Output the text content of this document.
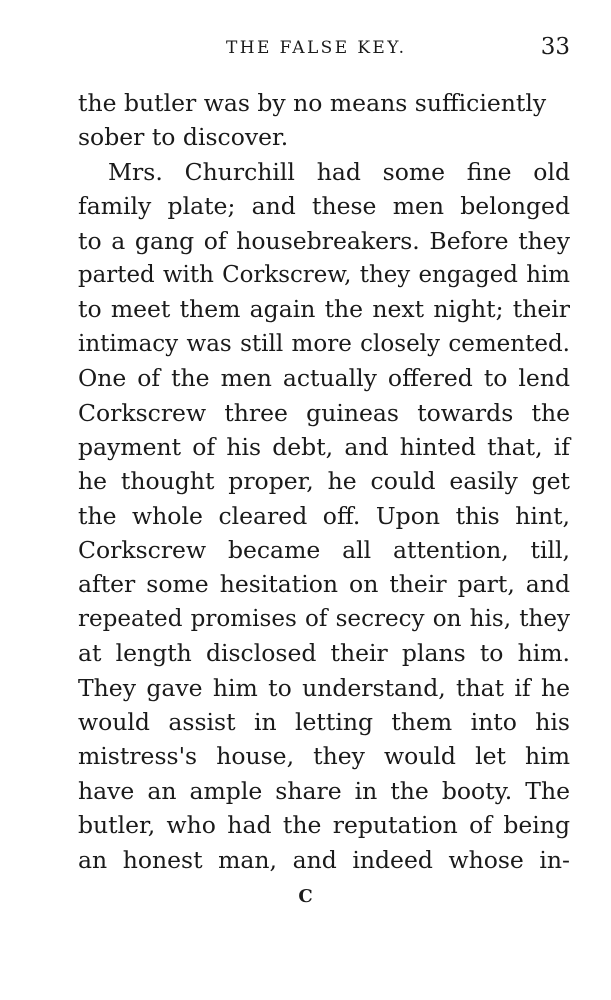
THE FALSE KEY.	33
the butler was by no means sufficiently
sober to discover.
Mrs. Churchill had some fine old
family plate; and these men belonged
to a gang of housebreakers. Before they
parted with Corkscrew, they engaged him
to meet them again the next night; their
intimacy was still more closely cemented.
One of the men actually offered to lend
Corkscrew three guineas towards the
payment of his debt, and hinted that, if
he thought proper, he could easily get
the whole cleared off. Upon this hint,
Corkscrew became all attention, till,
after some hesitation on their part, and
repeated promises of secrecy on his, they
at length disclosed their plans to him.
They gave him to understand, that if he
would assist in letting them into his
mistress's house, they would let him
have an ample share in the booty. The
butler, who had the reputation of being
an honest man, and indeed whose in-
C
